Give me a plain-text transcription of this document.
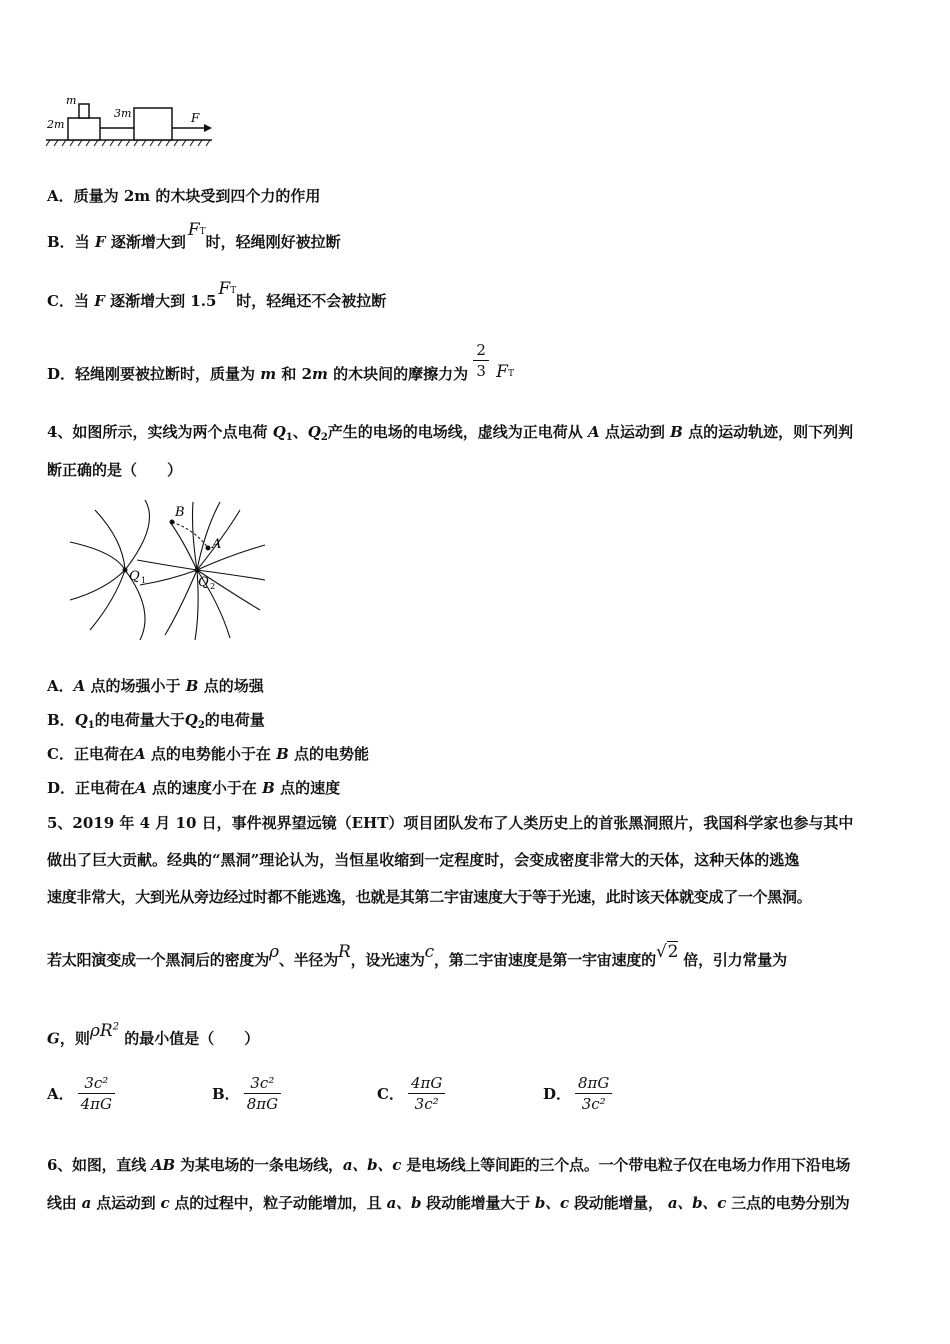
m
2m
3m	F
A．质量为 2m 的木块受到四个力的作用
B．当 F 逐渐增大到F T
时，轻绳刚好被拉断
C．当 F 逐渐增大到 1.5F T
时，轻绳还不会被拉断
D．轻绳刚要被拉断时，质量为 m 和 2m 的木块间的摩擦力为 $\frac{2}{3}$ F T
4、如图所示，实线为两个点电荷 $Q_1$、$Q_2$产生的电场的电场线，虚线为正电荷从 A 点运动到 B 点的运动轨迹，则下列判
断正确的是（　　）
B
A
Q 1	Q 2
A．A 点的场强小于 B 点的场强
B．$Q_1$的电荷量大于$Q_2$的电荷量
C．正电荷在A 点的电势能小于在 B 点的电势能
D．正电荷在A 点的速度小于在 B 点的速度
5、2019 年 4 月 10 日，事件视界望远镜（EHT）项目团队发布了人类历史上的首张黑洞照片，我国科学家也参与其中
做出了巨大贡献。经典的“黑洞”理论认为，当恒星收缩到一定程度时，会变成密度非常大的天体，这种天体的逃逸
速度非常大，大到光从旁边经过时都不能逃逸，也就是其第二宇宙速度大于等于光速，此时该天体就变成了一个黑洞。
若太阳演变成一个黑洞后的密度为ρ、半径为R，设光速为c，第二宇宙速度是第一宇宙速度的√2 倍，引力常量为
G，则$\rho R^2$ 的最小值是（　　）
A． $\frac{\text{3c²}}{4\pi G}$	B． $\frac{\text{3c²}}{8\pi G}$	C． $\frac{4\pi G}{\text{3c²}}$	D． $\frac{8\pi G}{\text{3c²}}$
6、如图，直线 AB 为某电场的一条电场线，a、b、c 是电场线上等间距的三个点。一个带电粒子仅在电场力作用下沿电场
线由 a 点运动到 c 点的过程中，粒子动能增加，且 a、b 段动能增量大于 b、c 段动能增量， a、b、c 三点的电势分别为
